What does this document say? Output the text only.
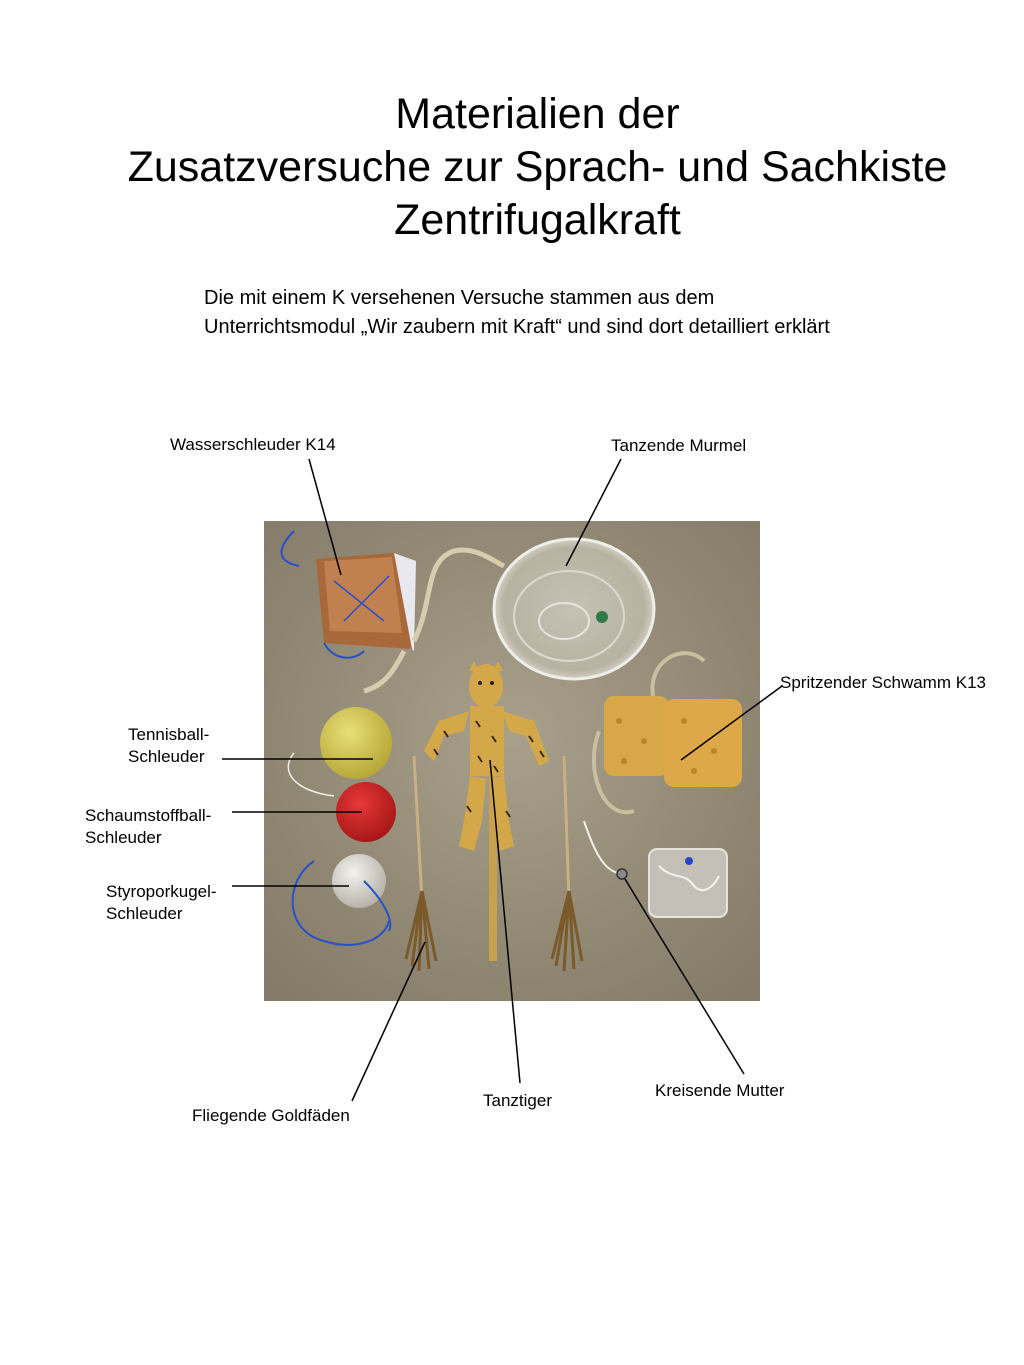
Materialien der
Zusatzversuche zur Sprach- und Sachkiste
Zentrifugalkraft
Die mit einem K versehenen Versuche stammen aus dem
Unterrichtsmodul „Wir zaubern mit Kraft“ und sind dort detailliert erklärt
Wasserschleuder K14	Tanzende Murmel
Spritzender Schwamm K13
Tennisball-
Schleuder
Schaumstoffball-
Schleuder
Styroporkugel-
Schleuder
Fliegende Goldfäden
Tanztiger
Kreisende Mutter
